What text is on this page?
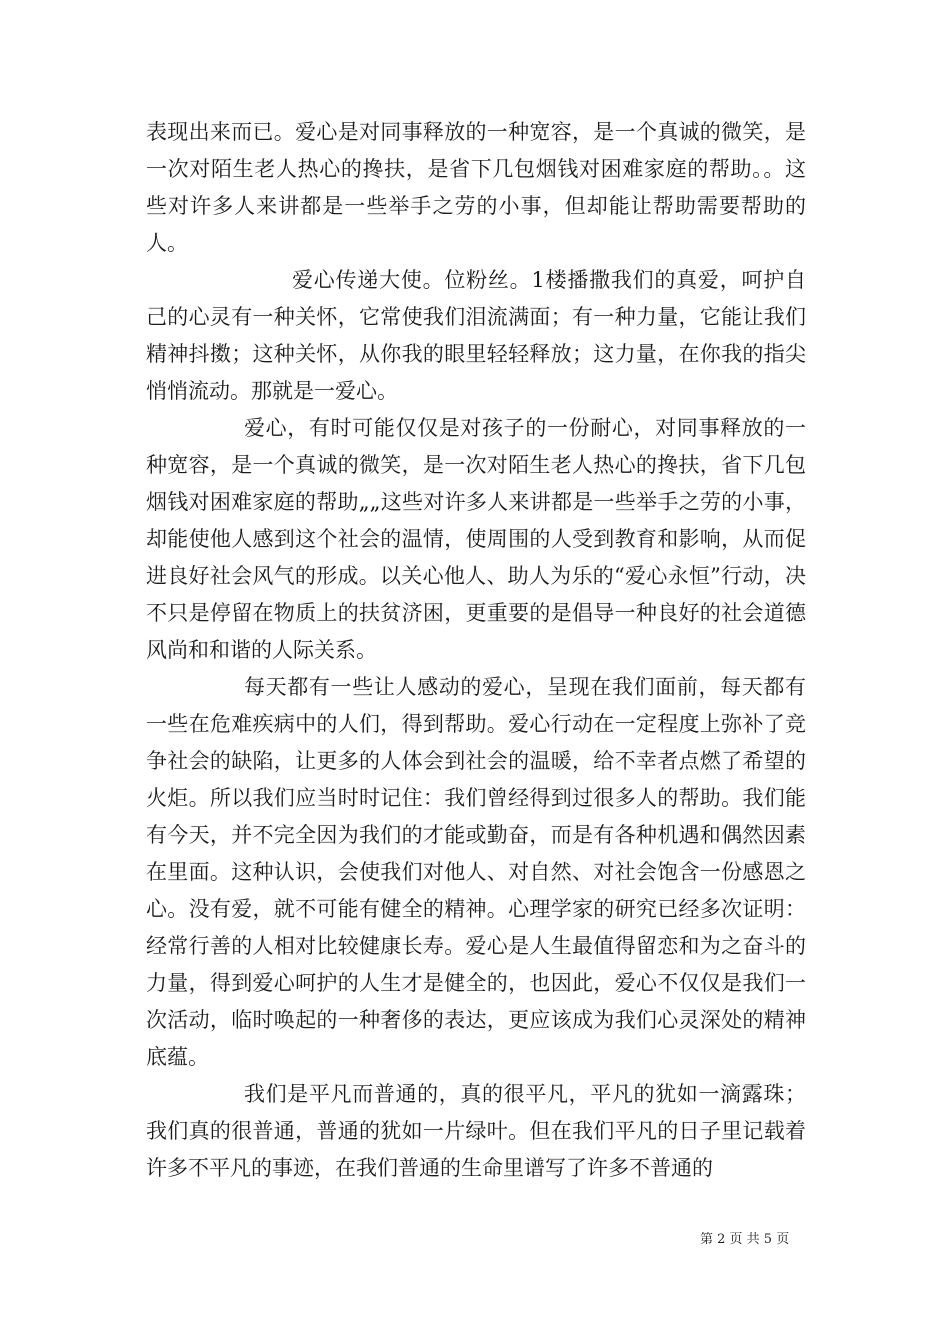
表现出来而已。爱心是对同事释放的一种宽容，是一个真诚的微笑，是一次对陌生老人热心的搀扶，是省下几包烟钱对困难家庭的帮助。。这些对许多人来讲都是一些举手之劳的小事，但却能让帮助需要帮助的人。

爱心传递大使。位粉丝。1楼播撒我们的真爱，呵护自己的心灵有一种关怀，它常使我们泪流满面；有一种力量，它能让我们精神抖擞；这种关怀，从你我的眼里轻轻释放；这力量，在你我的指尖悄悄流动。那就是一爱心。

爱心，有时可能仅仅是对孩子的一份耐心，对同事释放的一种宽容，是一个真诚的微笑，是一次对陌生老人热心的搀扶，省下几包烟钱对困难家庭的帮助„„这些对许多人来讲都是一些举手之劳的小事，却能使他人感到这个社会的温情，使周围的人受到教育和影响，从而促进良好社会风气的形成。以关心他人、助人为乐的“爱心永恒”行动，决不只是停留在物质上的扶贫济困，更重要的是倡导一种良好的社会道德风尚和和谐的人际关系。

每天都有一些让人感动的爱心，呈现在我们面前，每天都有一些在危难疾病中的人们，得到帮助。爱心行动在一定程度上弥补了竞争社会的缺陷，让更多的人体会到社会的温暖，给不幸者点燃了希望的火炬。所以我们应当时时记住：我们曾经得到过很多人的帮助。我们能有今天，并不完全因为我们的才能或勤奋，而是有各种机遇和偶然因素在里面。这种认识，会使我们对他人、对自然、对社会饱含一份感恩之心。没有爱，就不可能有健全的精神。心理学家的研究已经多次证明：经常行善的人相对比较健康长寿。爱心是人生最值得留恋和为之奋斗的力量，得到爱心呵护的人生才是健全的，也因此，爱心不仅仅是我们一次活动，临时唤起的一种奢侈的表达，更应该成为我们心灵深处的精神底蕴。

我们是平凡而普通的，真的很平凡，平凡的犹如一滴露珠；我们真的很普通，普通的犹如一片绿叶。但在我们平凡的日子里记载着许多不平凡的事迹，在我们普通的生命里谱写了许多不普通的

第 2 页 共 5 页
